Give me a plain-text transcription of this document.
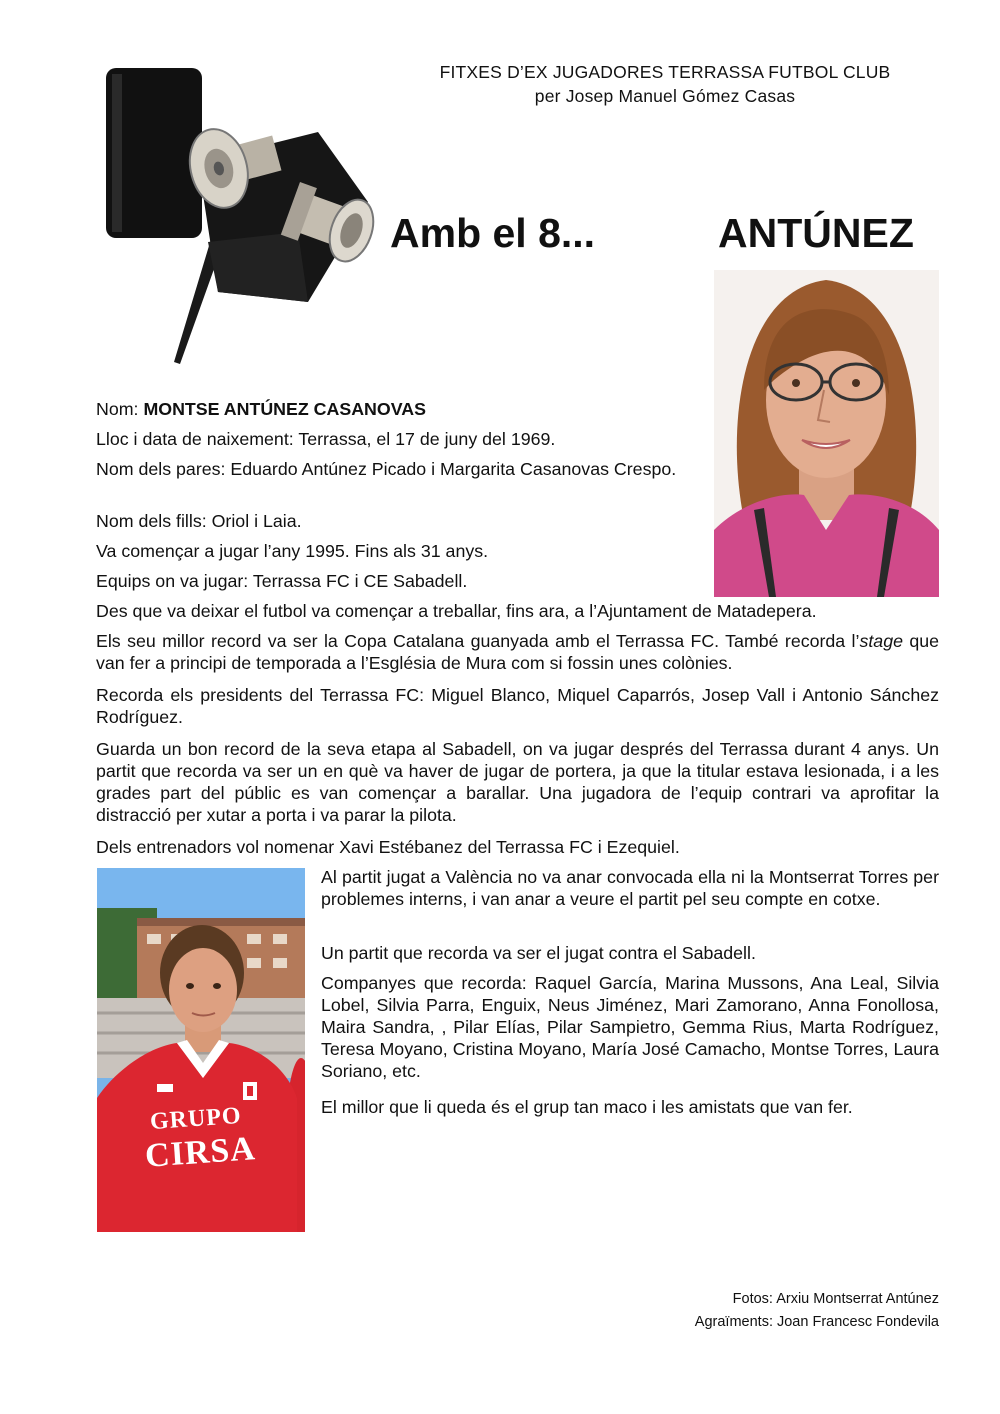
FITXES D’EX JUGADORES TERRASSA FUTBOL CLUB
per Josep Manuel Gómez Casas
Amb el 8...	ANTÚNEZ

Nom: MONTSE ANTÚNEZ CASANOVAS

Lloc i data de naixement: Terrassa, el 17 de juny del 1969.

Nom dels pares: Eduardo Antúnez Picado i Margarita Casanovas Crespo.

Nom dels fills: Oriol i Laia.

Va començar a jugar l’any 1995. Fins als 31 anys.

Equips on va jugar: Terrassa FC i CE Sabadell.

Des que va deixar el futbol va començar a treballar, fins ara, a l’Ajuntament de Matadepera.

Els seu millor record va ser la Copa Catalana guanyada amb el Terrassa FC. També recorda l’stage que van fer a principi de temporada a l’Església de Mura com si fossin unes colònies.

Recorda els presidents del Terrassa FC: Miguel Blanco, Miquel Caparrós, Josep Vall i Antonio Sánchez Rodríguez.

Guarda un bon record de la seva etapa al Sabadell, on va jugar després del Terrassa durant 4 anys. Un partit que recorda va ser un en què va haver de jugar de portera, ja que la titular estava lesionada, i a les grades part del públic es van començar a barallar. Una jugadora de l’equip contrari va aprofitar la distracció per xutar a porta i va parar la pilota.

Dels entrenadors vol nomenar Xavi Estébanez del Terrassa FC i Ezequiel.

GRUPO
CIRSA

Al partit jugat a València no va anar convocada ella ni la Montserrat Torres per problemes interns, i van anar a veure el partit pel seu compte en cotxe.

Un partit que recorda va ser el jugat contra el Sabadell.

Companyes que recorda: Raquel García, Marina Mussons, Ana Leal, Silvia Lobel, Silvia Parra, Enguix, Neus Jiménez, Mari Zamorano, Anna Fonollosa, Maira Sandra, , Pilar Elías, Pilar Sampietro, Gemma Rius, Marta Rodríguez, Teresa Moyano, Cristina Moyano, María José Camacho, Montse Torres, Laura Soriano, etc.

El millor que li queda és el grup tan maco i les amistats que van fer.

Fotos: Arxiu Montserrat Antúnez
Agraïments: Joan Francesc Fondevila
